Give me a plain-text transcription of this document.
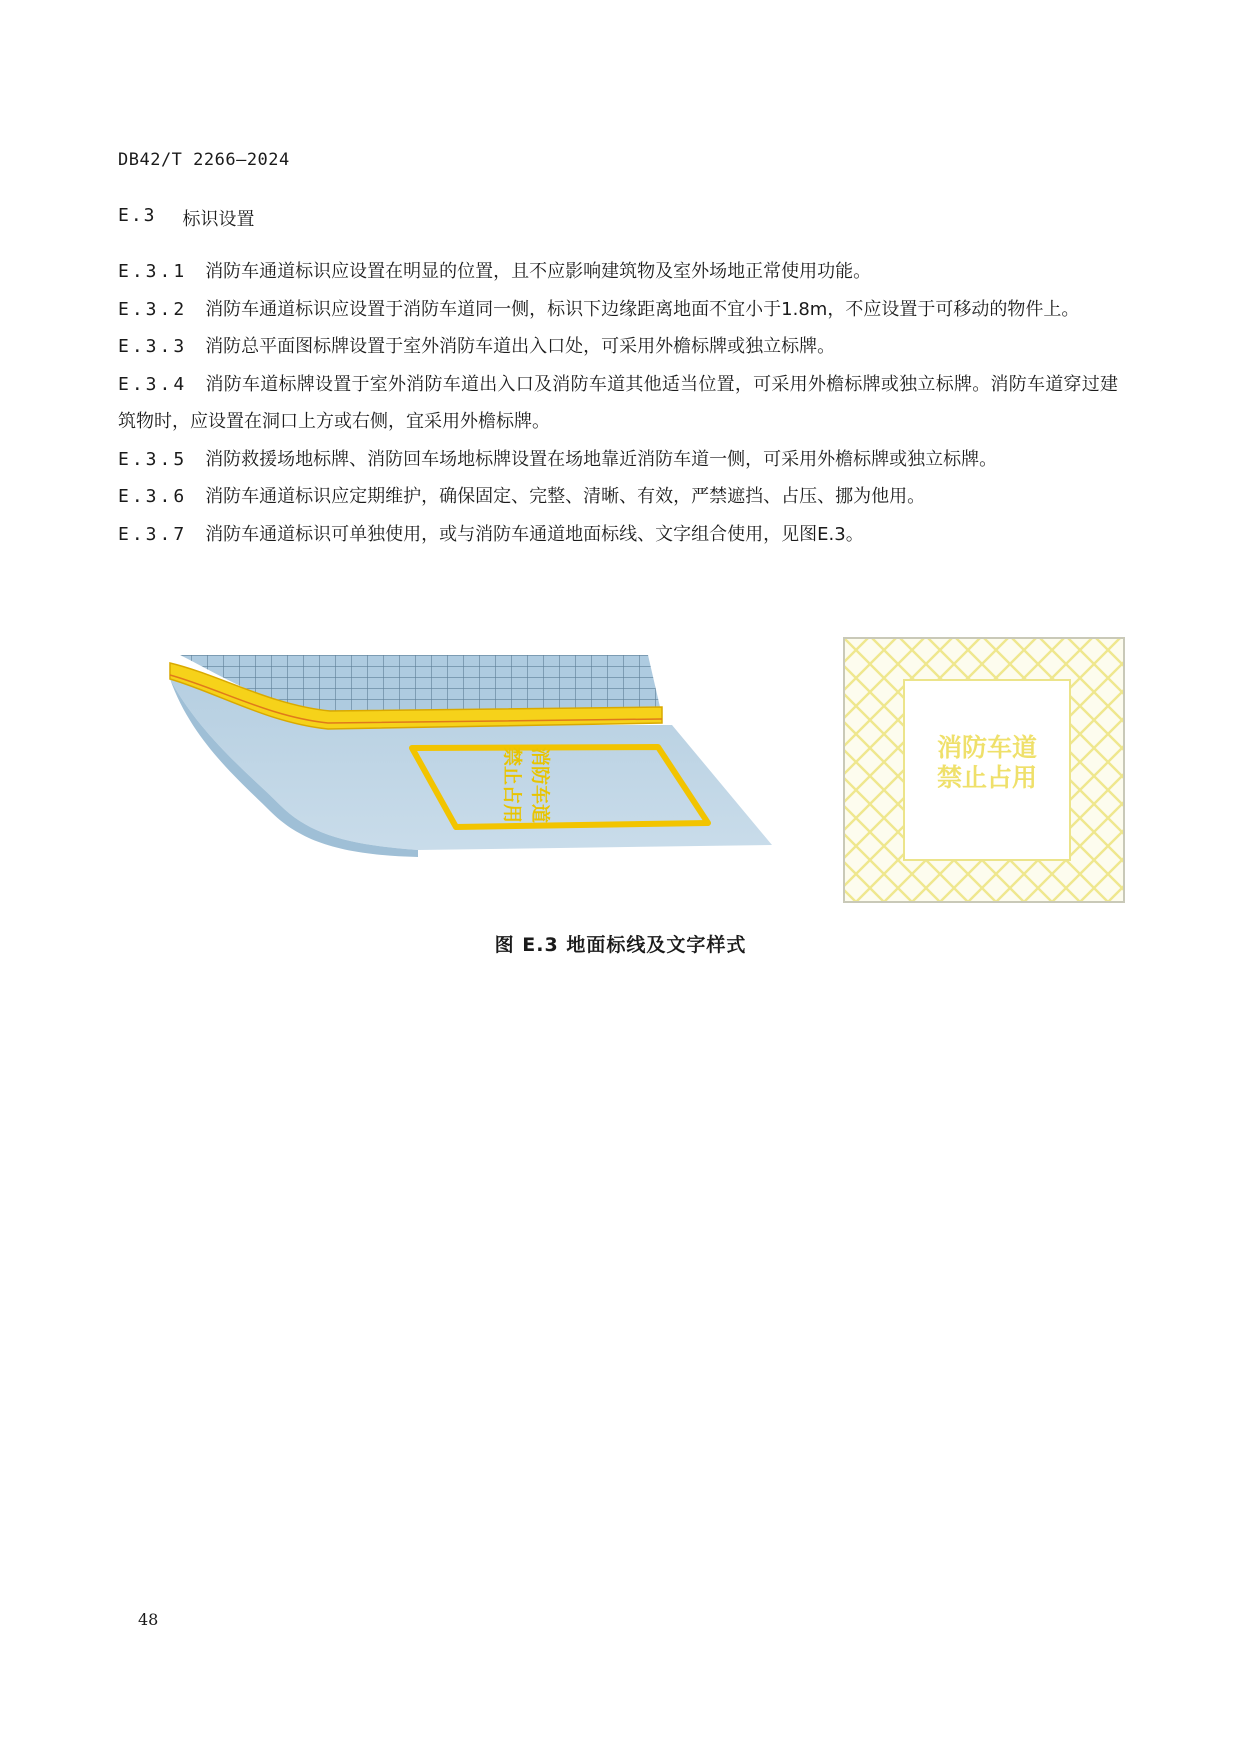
DB42/T 2266—2024
E.3 标识设置

E.3.1 消防车通道标识应设置在明显的位置，且不应影响建筑物及室外场地正常使用功能。

E.3.2 消防车通道标识应设置于消防车道同一侧，标识下边缘距离地面不宜小于1.8m，不应设置于可移动的物件上。

E.3.3 消防总平面图标牌设置于室外消防车道出入口处，可采用外檐标牌或独立标牌。

E.3.4 消防车道标牌设置于室外消防车道出入口及消防车道其他适当位置，可采用外檐标牌或独立标牌。消防车道穿过建筑物时，应设置在洞口上方或右侧，宜采用外檐标牌。

E.3.5 消防救援场地标牌、消防回车场地标牌设置在场地靠近消防车道一侧，可采用外檐标牌或独立标牌。

E.3.6 消防车通道标识应定期维护，确保固定、完整、清晰、有效，严禁遮挡、占压、挪为他用。

E.3.7 消防车通道标识可单独使用，或与消防车通道地面标线、文字组合使用，见图E.3。

消防车道
禁止占用	消防车道
禁止占用
图 E.3 地面标线及文字样式
48
